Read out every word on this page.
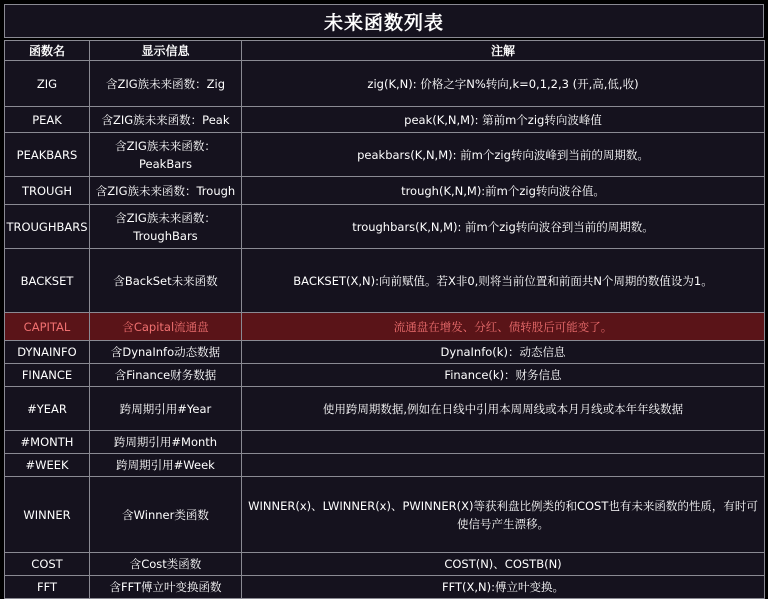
未来函数列表
函数名	显示信息	注解
ZIG	含ZIG族未来函数：Zig	zig(K,N): 价格之字N%转向,k=0,1,2,3 (开,高,低,收)
PEAK	含ZIG族未来函数：Peak	peak(K,N,M): 第前m个zig转向波峰值
PEAKBARS	含ZIG族未来函数：PeakBars	peakbars(K,N,M): 前m个zig转向波峰到当前的周期数。
TROUGH	含ZIG族未来函数：Trough	trough(K,N,M):前m个zig转向波谷值。
TROUGHBARS	含ZIG族未来函数：TroughBars	troughbars(K,N,M): 前m个zig转向波谷到当前的周期数。
BACKSET	含BackSet未来函数	BACKSET(X,N):向前赋值。若X非0,则将当前位置和前面共N个周期的数值设为1。
CAPITAL	含Capital流通盘	流通盘在增发、分红、债转股后可能变了。
DYNAINFO	含DynaInfo动态数据	DynaInfo(k)：动态信息
FINANCE	含Finance财务数据	Finance(k)：财务信息
#YEAR	跨周期引用#Year	使用跨周期数据,例如在日线中引用本周周线或本月月线或本年年线数据
#MONTH	跨周期引用#Month	
#WEEK	跨周期引用#Week	
WINNER	含Winner类函数	WINNER(x)、LWINNER(x)、PWINNER(X)等获利盘比例类的和COST也有未来函数的性质，有时可使信号产生漂移。
COST	含Cost类函数	COST(N)、COSTB(N)
FFT	含FFT傅立叶变换函数	FFT(X,N):傅立叶变换。
